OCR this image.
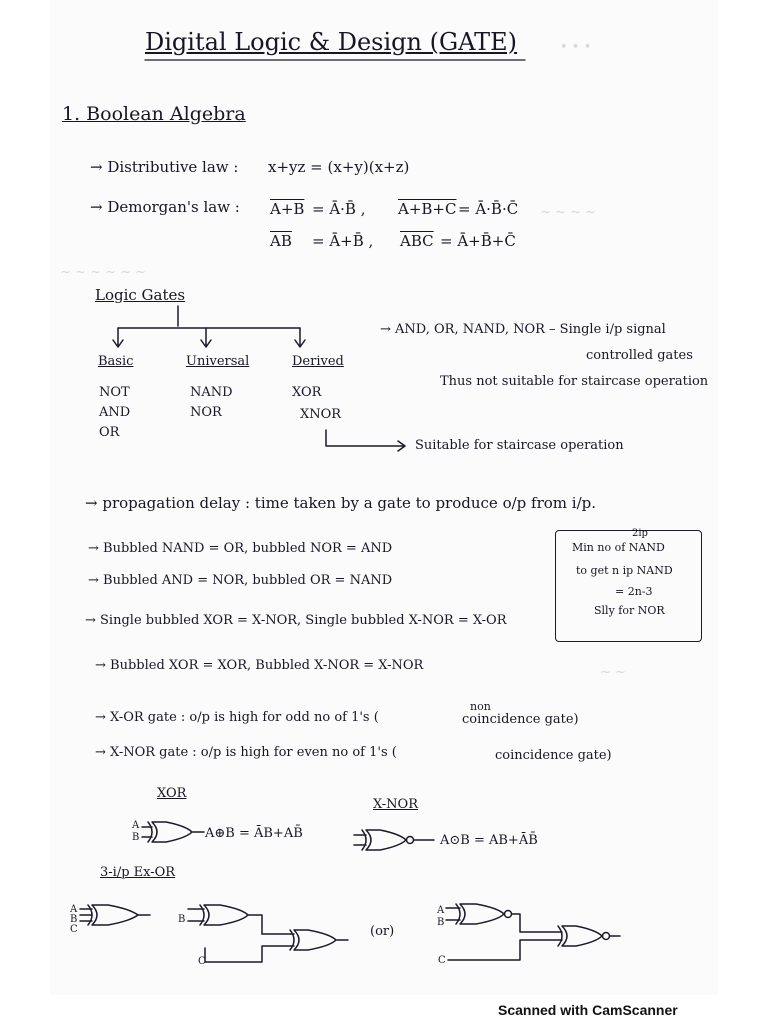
• • •
~ ~ ~ ~
~ ~ ~ ~ ~ ~
~ ~
Digital Logic & Design (GATE)
1. Boolean Algebra
→ Distributive law : x+yz = (x+y)(x+z)
→ Demorgan's law : A+B = Ā·B̄ , A+B+C = Ā·B̄·C̄
$\overline{AB}$ = Ā+B̄ , $\overline{ABC}$ = Ā+B̄+C̄
Logic Gates
Basic
NOT
AND
OR
Universal
NAND
NOR
Derived
XOR
XNOR
→ AND, OR, NAND, NOR – Single i/p signal
controlled gates
Thus not suitable for staircase operation
Suitable for staircase operation
→ propagation delay : time taken by a gate to produce o/p from i/p.
→ Bubbled NAND = OR, bubbled NOR = AND
→ Bubbled AND = NOR, bubbled OR = NAND
→ Single bubbled XOR = X-NOR, Single bubbled X-NOR = X-OR
→ Bubbled XOR = XOR, Bubbled X-NOR = X-NOR
→ X-OR gate : o/p is high for odd no of 1's (
non
coincidence gate)
→ X-NOR gate : o/p is high for even no of 1's (	coincidence gate)
2ip
Min no of NAND
to get n ip NAND
= 2n-3
Slly for NOR
XOR
A⊕B = ĀB+AB̄
X-NOR
A⊙B = AB+ĀB̄
3-i/p Ex-OR
(or)
A
B
A
B
C
B
C
A
B
C
Scanned with CamScanner
